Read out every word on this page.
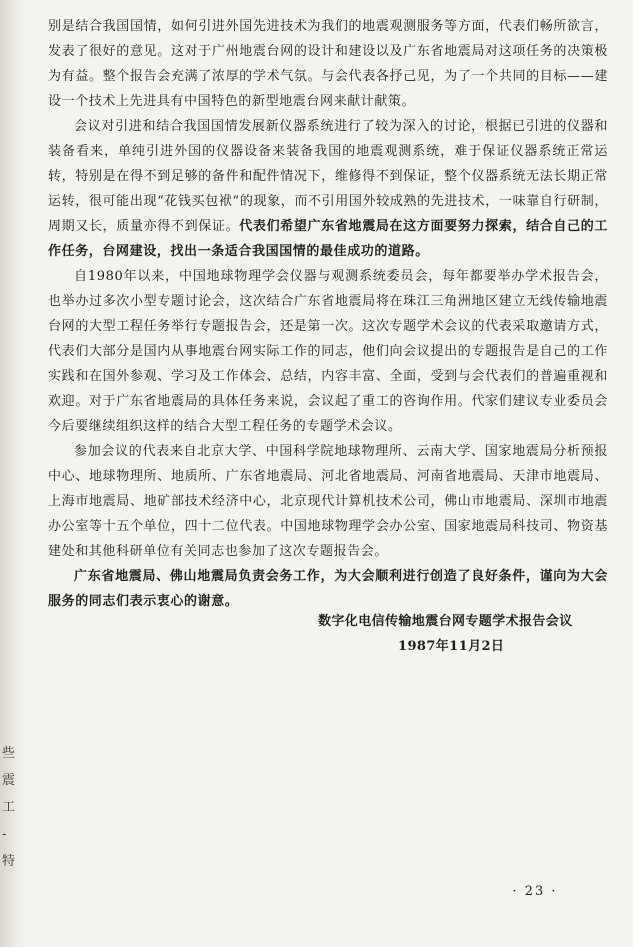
别是结合我国国情，如何引进外国先进技术为我们的地震观测服务等方面，代表们畅所欲言，发表了很好的意见。这对于广州地震台网的设计和建设以及广东省地震局对这项任务的决策极为有益。整个报告会充满了浓厚的学术气氛。与会代表各抒己见，为了一个共同的目标——建设一个技术上先进具有中国特色的新型地震台网来献计献策。

会议对引进和结合我国国情发展新仪器系统进行了较为深入的讨论，根据已引进的仪器和装备看来，单纯引进外国的仪器设备来装备我国的地震观测系统，难于保证仪器系统正常运转，特别是在得不到足够的备件和配件情况下，维修得不到保证，整个仪器系统无法长期正常运转，很可能出现“花钱买包袱”的现象，而不引用国外较成熟的先进技术，一味靠自行研制，周期又长，质量亦得不到保证。代表们希望广东省地震局在这方面要努力探索，结合自己的工作任务，台网建设，找出一条适合我国国情的最佳成功的道路。

自1980年以来，中国地球物理学会仪器与观测系统委员会，每年都要举办学术报告会，也举办过多次小型专题讨论会，这次结合广东省地震局将在珠江三角洲地区建立无线传输地震台网的大型工程任务举行专题报告会，还是第一次。这次专题学术会议的代表采取邀请方式，代表们大部分是国内从事地震台网实际工作的同志，他们向会议提出的专题报告是自己的工作实践和在国外参观、学习及工作体会、总结，内容丰富、全面，受到与会代表们的普遍重视和欢迎。对于广东省地震局的具体任务来说，会议起了重工的咨询作用。代家们建议专业委员会今后要继续组织这样的结合大型工程任务的专题学术会议。

参加会议的代表来自北京大学、中国科学院地球物理所、云南大学、国家地震局分析预报中心、地球物理所、地质所、广东省地震局、河北省地震局、河南省地震局、天津市地震局、上海市地震局、地矿部技术经济中心，北京现代计算机技术公司，佛山市地震局、深圳市地震办公室等十五个单位，四十二位代表。中国地球物理学会办公室、国家地震局科技司、物资基建处和其他科研单位有关同志也参加了这次专题报告会。

广东省地震局、佛山地震局负责会务工作，为大会顺利进行创造了良好条件，谨向为大会服务的同志们表示衷心的谢意。

数字化电信传输地震台网专题学术报告会议
1987年11月2日
些
震
工
-
特
· 23 ·
